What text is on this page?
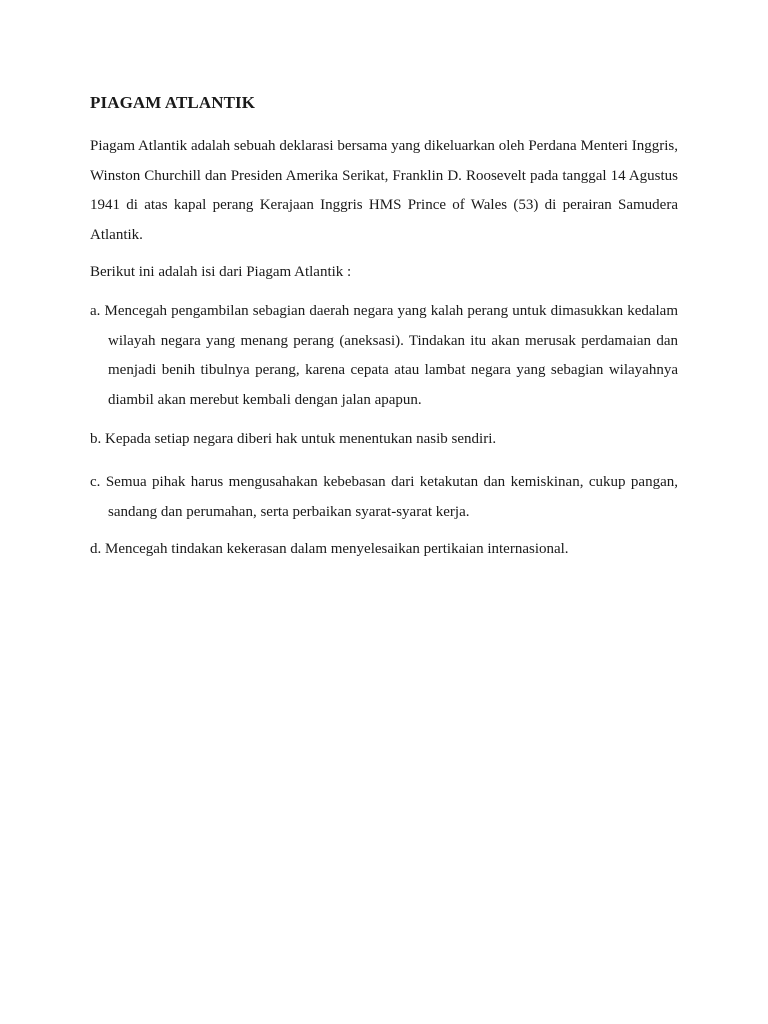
PIAGAM ATLANTIK

Piagam Atlantik adalah sebuah deklarasi bersama yang dikeluarkan oleh Perdana Menteri Inggris, Winston Churchill dan Presiden Amerika Serikat, Franklin D. Roosevelt pada tanggal 14 Agustus 1941 di atas kapal perang Kerajaan Inggris HMS Prince of Wales (53) di perairan Samudera Atlantik.

Berikut ini adalah isi dari Piagam Atlantik :

a. Mencegah pengambilan sebagian daerah negara yang kalah perang untuk dimasukkan kedalam wilayah negara yang menang perang (aneksasi). Tindakan itu akan merusak perdamaian dan menjadi benih tibulnya perang, karena cepata atau lambat negara yang sebagian wilayahnya diambil akan merebut kembali dengan jalan apapun.
b. Kepada setiap negara diberi hak untuk menentukan nasib sendiri.
c. Semua pihak harus mengusahakan kebebasan dari ketakutan dan kemiskinan, cukup pangan, sandang dan perumahan, serta perbaikan syarat-syarat kerja.
d. Mencegah tindakan kekerasan dalam menyelesaikan pertikaian internasional.
